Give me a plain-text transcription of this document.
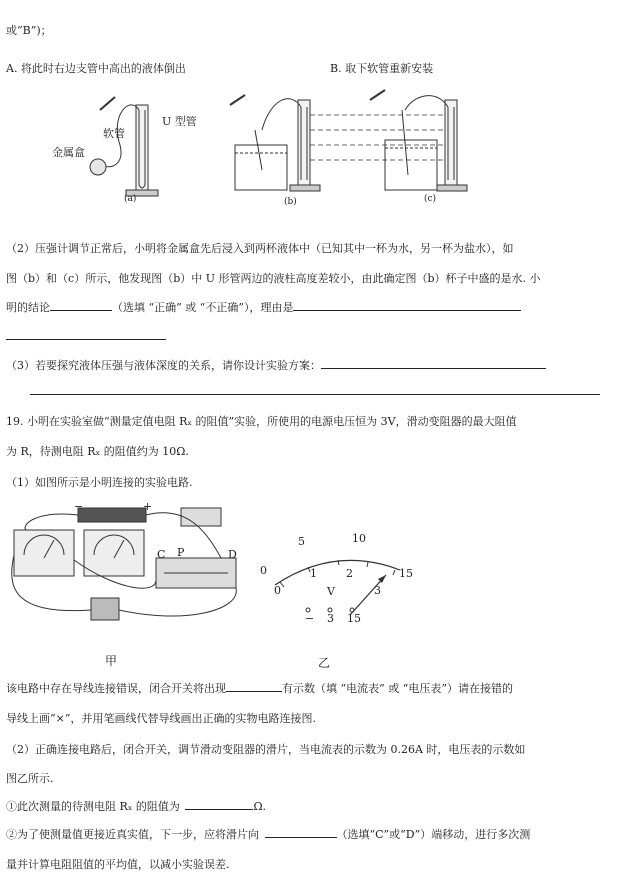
或“B”)；
A. 将此时右边支管中高出的液体倒出	B. 取下软管重新安装
金属盒
软管
U 型管
(a)	(b)	(c)
（2）压强计调节正常后，小明将金属盒先后浸入到两杯液体中（已知其中一杯为水，另一杯为盐水），如
图（b）和（c）所示，他发现图（b）中 U 形管两边的液柱高度差较小，由此确定图（b）杯子中盛的是水. 小
明的结论	（选填 “正确” 或 “不正确”），理由是
（3）若要探究液体压强与液体深度的关系，请你设计实验方案：
19. 小明在实验室做“测量定值电阻 Rₓ 的阻值”实验，所使用的电源电压恒为 3V，滑动变阻器的最大阻值
为 R，待测电阻 Rₓ 的阻值约为 10Ω.
（1）如图所示是小明连接的实验电路.
−	+
C P	D
甲
5	10
15
0
0
1	2
3
V
− 3 15
乙
该电路中存在导线连接错误，闭合开关将出现	有示数（填 “电流表” 或 “电压表”）请在接错的
导线上画“×”，并用笔画线代替导线画出正确的实物电路连接图.
（2）正确连接电路后，闭合开关，调节滑动变阻器的滑片，当电流表的示数为 0.26A 时，电压表的示数如
图乙所示.
①此次测量的待测电阻 Rₓ 的阻值为 	Ω.
②为了使测量值更接近真实值，下一步，应将滑片向 	（选填“C”或“D”）端移动，进行多次测
量并计算电阻阻值的平均值，以减小实验误差.
